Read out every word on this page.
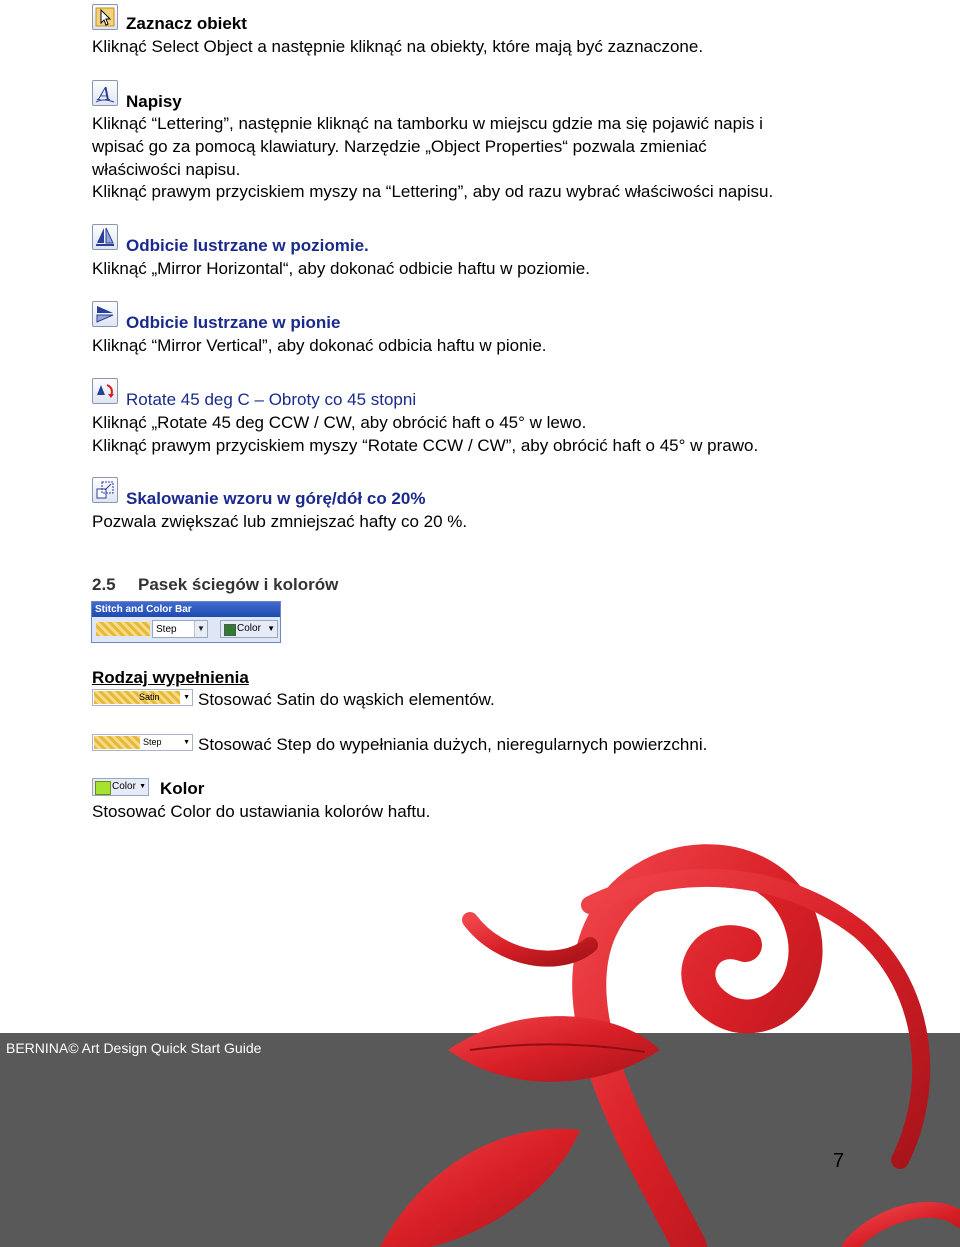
Zaznacz obiekt
Kliknąć Select Object a następnie kliknąć na obiekty, które mają być zaznaczone.
A Napisy
Kliknąć “Lettering”, następnie kliknąć na tamborku w miejscu gdzie ma się pojawić napis i
wpisać go za pomocą klawiatury. Narzędzie „Object Properties“ pozwala zmieniać
właściwości napisu.
Kliknąć prawym przyciskiem myszy na “Lettering”, aby od razu wybrać właściwości napisu.
Odbicie lustrzane w poziomie.
Kliknąć „Mirror Horizontal“, aby dokonać odbicie haftu w poziomie.
Odbicie lustrzane w pionie
Kliknąć “Mirror Vertical”, aby dokonać odbicia haftu w pionie.
Rotate 45 deg C – Obroty co 45 stopni
Kliknąć „Rotate 45 deg CCW / CW, aby obrócić haft o 45° w lewo.
Kliknąć prawym przyciskiem myszy “Rotate CCW / CW”, aby obrócić haft o 45° w prawo.
Skalowanie wzoru w górę/dół co 20%
Pozwala zwiększać lub zmniejszać hafty co 20 %.
2.5 Pasek ściegów i kolorów
Stitch and Color Bar
Step	▼	Color ▼
Rodzaj wypełnienia
Satin	▼ Stosować Satin do wąskich elementów.
Step	▼ Stosować Step do wypełniania dużych, nieregularnych powierzchni.
Color ▼ Kolor
Stosować Color do ustawiania kolorów haftu.
BERNINA© Art Design Quick Start Guide
7
